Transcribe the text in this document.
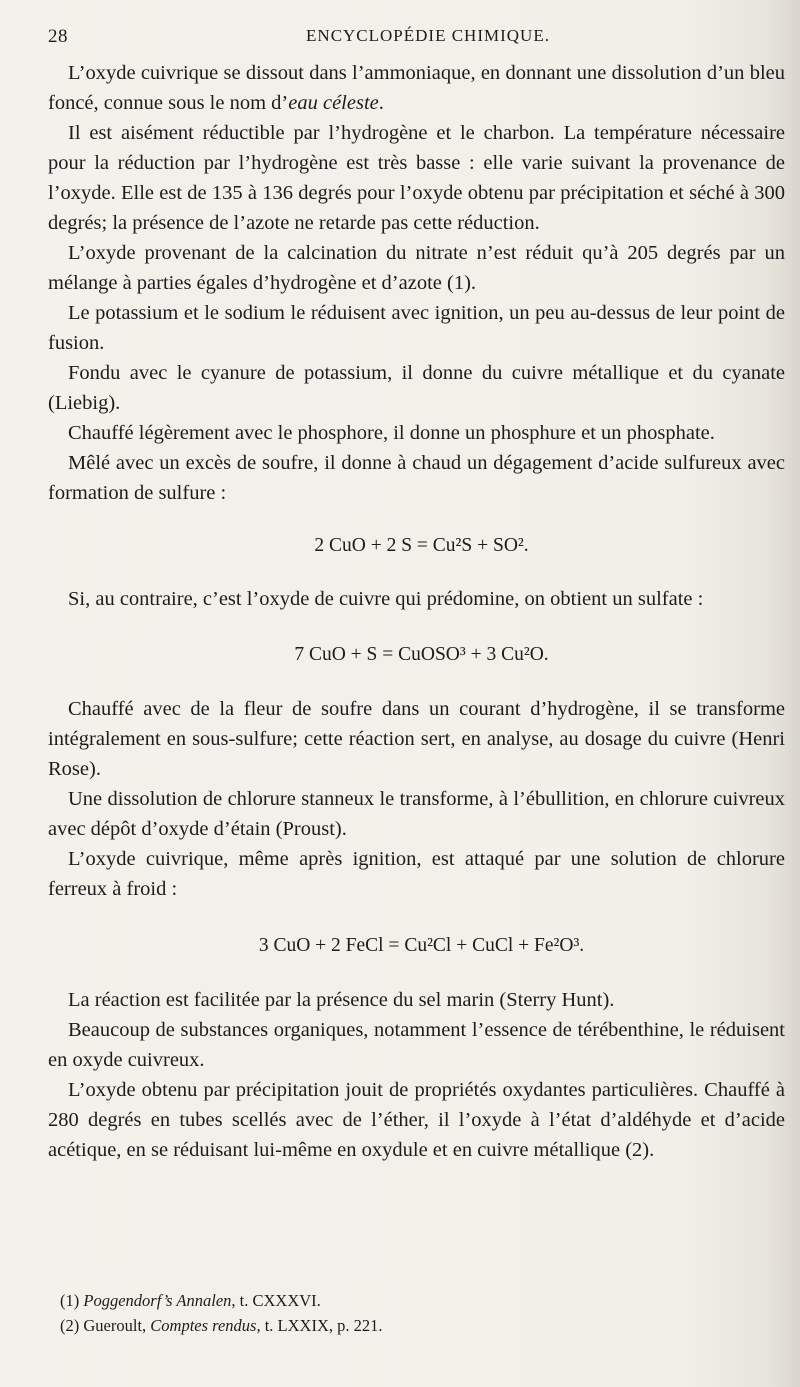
28	ENCYCLOPÉDIE CHIMIQUE.

L’oxyde cuivrique se dissout dans l’ammoniaque, en donnant une dissolution d’un bleu foncé, connue sous le nom d’eau céleste.

Il est aisément réductible par l’hydrogène et le charbon. La température nécessaire pour la réduction par l’hydrogène est très basse : elle varie suivant la provenance de l’oxyde. Elle est de 135 à 136 degrés pour l’oxyde obtenu par précipitation et séché à 300 degrés; la présence de l’azote ne retarde pas cette réduction.

L’oxyde provenant de la calcination du nitrate n’est réduit qu’à 205 degrés par un mélange à parties égales d’hydrogène et d’azote (1).

Le potassium et le sodium le réduisent avec ignition, un peu au-dessus de leur point de fusion.

Fondu avec le cyanure de potassium, il donne du cuivre métallique et du cyanate (Liebig).

Chauffé légèrement avec le phosphore, il donne un phosphure et un phosphate.

Mêlé avec un excès de soufre, il donne à chaud un dégagement d’acide sulfureux avec formation de sulfure :

2 CuO + 2 S = Cu²S + SO².

Si, au contraire, c’est l’oxyde de cuivre qui prédomine, on obtient un sulfate :

7 CuO + S = CuOSO³ + 3 Cu²O.

Chauffé avec de la fleur de soufre dans un courant d’hydrogène, il se transforme intégralement en sous-sulfure; cette réaction sert, en analyse, au dosage du cuivre (Henri Rose).

Une dissolution de chlorure stanneux le transforme, à l’ébullition, en chlorure cuivreux avec dépôt d’oxyde d’étain (Proust).

L’oxyde cuivrique, même après ignition, est attaqué par une solution de chlorure ferreux à froid :

3 CuO + 2 FeCl = Cu²Cl + CuCl + Fe²O³.

La réaction est facilitée par la présence du sel marin (Sterry Hunt).

Beaucoup de substances organiques, notamment l’essence de térébenthine, le réduisent en oxyde cuivreux.

L’oxyde obtenu par précipitation jouit de propriétés oxydantes particulières. Chauffé à 280 degrés en tubes scellés avec de l’éther, il l’oxyde à l’état d’aldéhyde et d’acide acétique, en se réduisant lui-même en oxydule et en cuivre métallique (2).

(1) Poggendorf’s Annalen, t. CXXXVI.
(2) Gueroult, Comptes rendus, t. LXXIX, p. 221.
